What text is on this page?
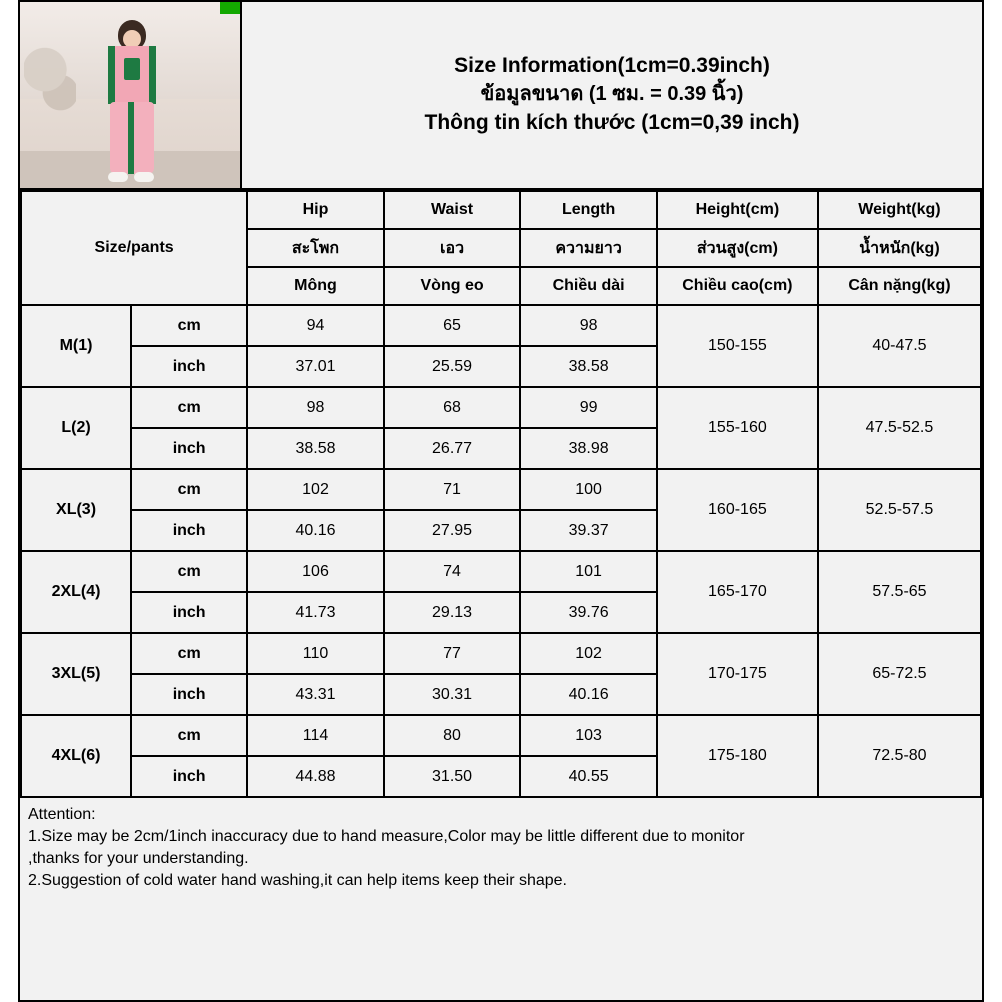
Size Information(1cm=0.39inch)
ข้อมูลขนาด (1 ซม. = 0.39 นิ้ว)
Thông tin kích thước (1cm=0,39 inch)
Size/pants		Hip	Waist	Length	Height(cm)	Weight(kg)
		สะโพก	เอว	ความยาว	ส่วนสูง(cm)	น้ำหนัก(kg)
		Mông	Vòng eo	Chiều dài	Chiều cao(cm)	Cân nặng(kg)
M(1)	cm	94	65	98	150-155	40-47.5
	inch	37.01	25.59	38.58		
L(2)	cm	98	68	99	155-160	47.5-52.5
	inch	38.58	26.77	38.98		
XL(3)	cm	102	71	100	160-165	52.5-57.5
	inch	40.16	27.95	39.37		
2XL(4)	cm	106	74	101	165-170	57.5-65
	inch	41.73	29.13	39.76		
3XL(5)	cm	110	77	102	170-175	65-72.5
	inch	43.31	30.31	40.16		
4XL(6)	cm	114	80	103	175-180	72.5-80
	inch	44.88	31.50	40.55		
Attention:
1.Size may be 2cm/1inch inaccuracy due to hand measure,Color may be little different due to monitor
,thanks for your understanding.
2.Suggestion of cold water hand washing,it can help items keep their shape.
